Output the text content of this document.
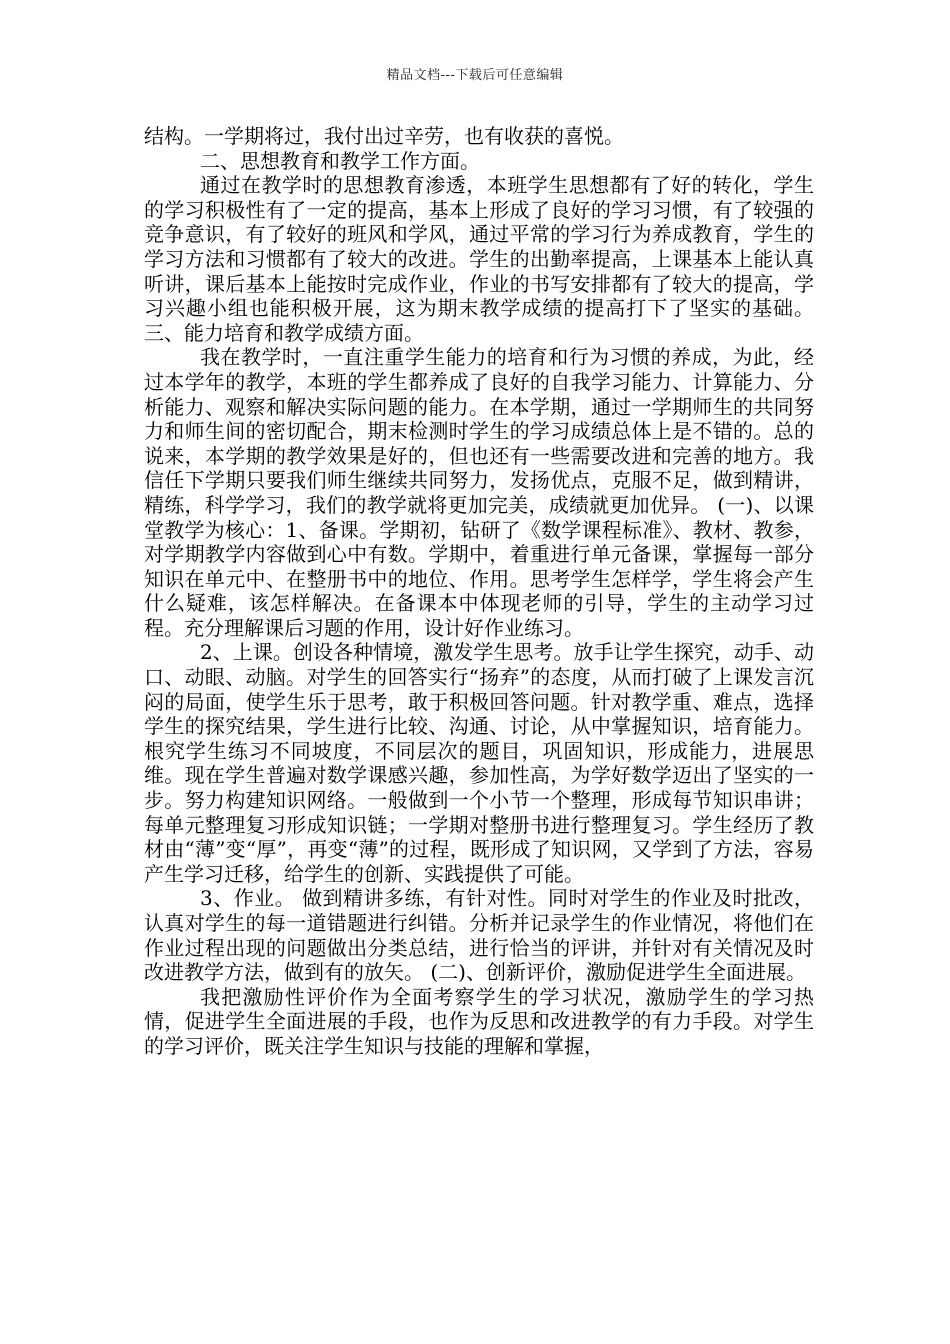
精品文档---下载后可任意编辑

结构。一学期将过，我付出过辛劳，也有收获的喜悦。

二、思想教育和教学工作方面。

通过在教学时的思想教育渗透，本班学生思想都有了好的转化，学生的学习积极性有了一定的提高，基本上形成了良好的学习习惯，有了较强的竞争意识，有了较好的班风和学风，通过平常的学习行为养成教育，学生的学习方法和习惯都有了较大的改进。学生的出勤率提高，上课基本上能认真听讲，课后基本上能按时完成作业，作业的书写安排都有了较大的提高，学习兴趣小组也能积极开展，这为期末教学成绩的提高打下了坚实的基础。 三、能力培育和教学成绩方面。

我在教学时，一直注重学生能力的培育和行为习惯的养成，为此，经过本学年的教学，本班的学生都养成了良好的自我学习能力、计算能力、分析能力、观察和解决实际问题的能力。在本学期，通过一学期师生的共同努力和师生间的密切配合，期末检测时学生的学习成绩总体上是不错的。总的说来，本学期的教学效果是好的，但也还有一些需要改进和完善的地方。我信任下学期只要我们师生继续共同努力，发扬优点，克服不足，做到精讲，精练，科学学习，我们的教学就将更加完美，成绩就更加优异。 (一)、以课堂教学为核心：1、备课。学期初，钻研了《数学课程标准》、教材、教参，对学期教学内容做到心中有数。学期中，着重进行单元备课，掌握每一部分知识在单元中、在整册书中的地位、作用。思考学生怎样学，学生将会产生什么疑难，该怎样解决。在备课本中体现老师的引导，学生的主动学习过程。充分理解课后习题的作用，设计好作业练习。

2、上课。创设各种情境，激发学生思考。放手让学生探究，动手、动口、动眼、动脑。对学生的回答实行“扬弃”的态度，从而打破了上课发言沉闷的局面，使学生乐于思考，敢于积极回答问题。针对教学重、难点，选择学生的探究结果，学生进行比较、沟通、讨论，从中掌握知识，培育能力。根究学生练习不同坡度，不同层次的题目，巩固知识，形成能力，进展思维。现在学生普遍对数学课感兴趣，参加性高，为学好数学迈出了坚实的一步。努力构建知识网络。一般做到一个小节一个整理，形成每节知识串讲；每单元整理复习形成知识链；一学期对整册书进行整理复习。学生经历了教材由“薄”变“厚”，再变“薄”的过程，既形成了知识网，又学到了方法，容易产生学习迁移，给学生的创新、实践提供了可能。

3、作业。 做到精讲多练，有针对性。同时对学生的作业及时批改，认真对学生的每一道错题进行纠错。分析并记录学生的作业情况，将他们在作业过程出现的问题做出分类总结，进行恰当的评讲，并针对有关情况及时改进教学方法，做到有的放矢。 (二)、创新评价，激励促进学生全面进展。

我把激励性评价作为全面考察学生的学习状况，激励学生的学习热情，促进学生全面进展的手段，也作为反思和改进教学的有力手段。对学生的学习评价，既关注学生知识与技能的理解和掌握，
